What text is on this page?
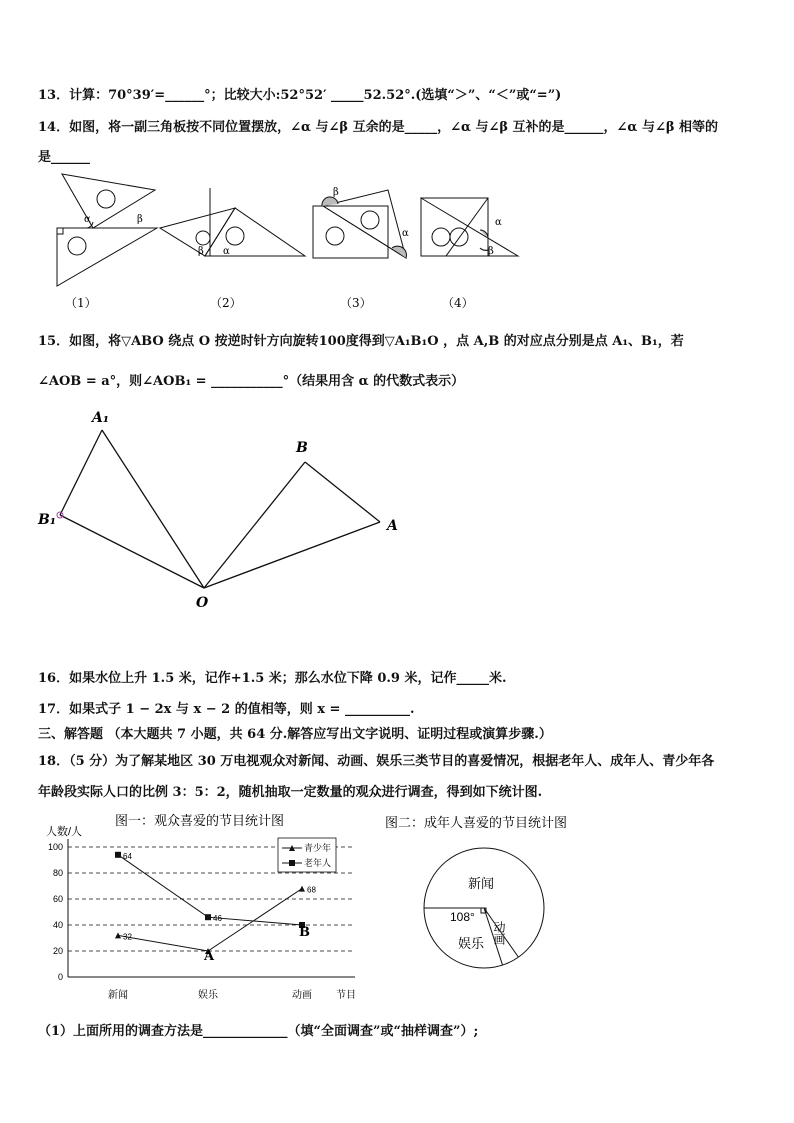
13．计算：70°39′=______°；比较大小:52°52′ _____52.52°.(选填“＞”、“＜”或“=”)
14．如图，将一副三角板按不同位置摆放，∠α 与∠β 互余的是_____，∠α 与∠β 互补的是______，∠α 与∠β 相等的
是______
α	β
β α
β
α
α
β
（1）	（2）	（3）	（4）
15．如图，将▽ABO 绕点 O 按逆时针方向旋转100度得到▽A₁B₁O ，点 A,B 的对应点分别是点 A₁、B₁，若
∠AOB = a°，则∠AOB₁ = ___________°（结果用含 α 的代数式表示）
A₁
B
B₁	A
O
16．如果水位上升 1.5 米，记作+1.5 米；那么水位下降 0.9 米，记作_____米.
17．如果式子 1 − 2x 与 x − 2 的值相等，则 x = __________.
三、解答题 （本大题共 7 小题，共 64 分.解答应写出文字说明、证明过程或演算步骤.）
18．（5 分）为了解某地区 30 万电视观众对新闻、动画、娱乐三类节目的喜爱情况，根据老年人、成年人、青少年各
年龄段实际人口的比例 3：5：2，随机抽取一定数量的观众进行调查，得到如下统计图.
图一：观众喜爱的节目统计图
人数/人
0
20
40
60
80
100
32
68
64
46
新闻	娱乐	动画 节目
青少年
老年人
A
B
图二：成年人喜爱的节目统计图
新闻
108°
娱乐 动画
（1）上面所用的调查方法是_____________（填“全面调查”或“抽样调查”）;
